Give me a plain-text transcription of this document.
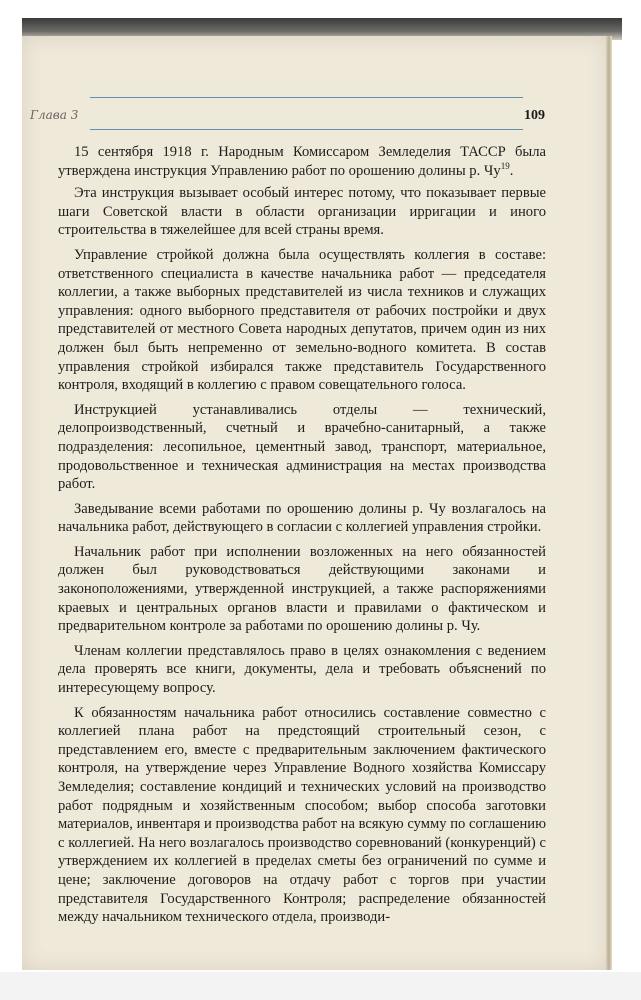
Глава 3	109

15 сентября 1918 г. Народным Комиссаром Земледелия ТАССР была утверждена инструкция Управлению работ по орошению долины р. $Чу^{19}$.

Эта инструкция вызывает особый интерес потому, что показывает первые шаги Советской власти в области организации ирригации и иного строительства в тяжелейшее для всей страны время.

Управление стройкой должна была осуществлять коллегия в составе: ответственного специалиста в качестве начальника работ — председателя коллегии, а также выборных представителей из числа техников и служащих управления: одного выборного представителя от рабочих постройки и двух представителей от местного Совета народных депутатов, причем один из них должен был быть непременно от земельно-водного комитета. В состав управления стройкой избирался также представитель Государственного контроля, входящий в коллегию с правом совещательного голоса.

Инструкцией устанавливались отделы — технический, делопроизводственный, счетный и врачебно-санитарный, а также подразделения: лесопильное, цементный завод, транспорт, материальное, продовольственное и техническая администрация на местах производства работ.

Заведывание всеми работами по орошению долины р. Чу возлагалось на начальника работ, действующего в согласии с коллегией управления стройки.

Начальник работ при исполнении возложенных на него обязанностей должен был руководствоваться действующими законами и законоположениями, утвержденной инструкцией, а также распоряжениями краевых и центральных органов власти и правилами о фактическом и предварительном контроле за работами по орошению долины р. Чу.

Членам коллегии представлялось право в целях ознакомления с ведением дела проверять все книги, документы, дела и требовать объяснений по интересующему вопросу.

К обязанностям начальника работ относились составление совместно с коллегией плана работ на предстоящий строительный сезон, с представлением его, вместе с предварительным заключением фактического контроля, на утверждение через Управление Водного хозяйства Комиссару Земледелия; составление кондиций и технических условий на производство работ подрядным и хозяйственным способом; выбор способа заготовки материалов, инвентаря и производства работ на всякую сумму по соглашению с коллегией. На него возлагалось производство соревнований (конкуренций) с утверждением их коллегией в пределах сметы без ограничений по сумме и цене; заключение договоров на отдачу работ с торгов при участии представителя Государственного Контроля; распределение обязанностей между начальником технического отдела, производи-
